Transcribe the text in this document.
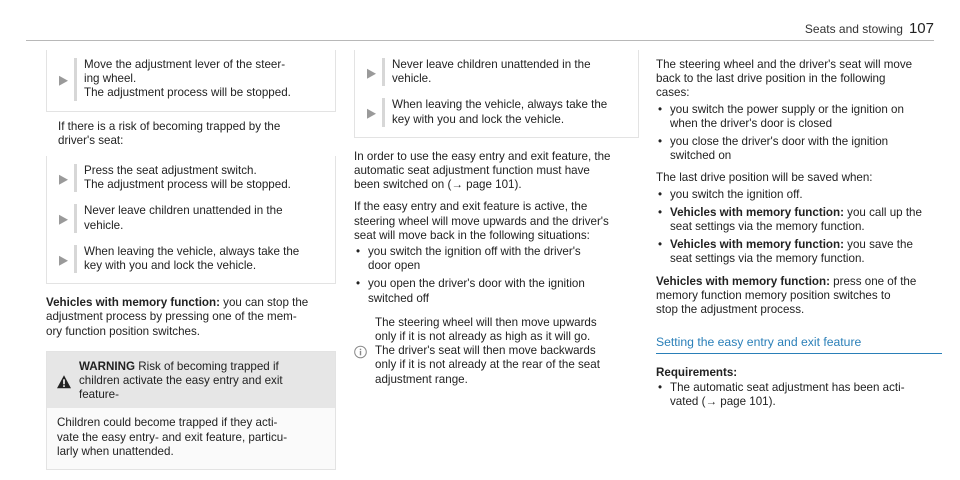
Seats and stowing 107

Move the adjustment lever of the steer-

ing wheel.

The adjustment process will be stopped.

If there is a risk of becoming trapped by the

driver's seat:

Press the seat adjustment switch.

The adjustment process will be stopped.

Never leave children unattended in the

vehicle.

When leaving the vehicle, always take the

key with you and lock the vehicle.

Vehicles with memory function: you can stop the

adjustment process by pressing one of the mem-

ory function position switches.

WARNING Risk of becoming trapped if

children activate the easy entry and exit

feature-

Children could become trapped if they acti-

vate the easy entry- and exit feature, particu-

larly when unattended.

Never leave children unattended in the

vehicle.

When leaving the vehicle, always take the

key with you and lock the vehicle.

In order to use the easy entry and exit feature, the

automatic seat adjustment function must have

been switched on (→ page 101).

If the easy entry and exit feature is active, the

steering wheel will move upwards and the driver's

seat will move back in the following situations:

• you switch the ignition off with the driver's

door open

• you open the driver's door with the ignition

switched off

The steering wheel will then move upwards

only if it is not already as high as it will go.

The driver's seat will then move backwards

only if it is not already at the rear of the seat

adjustment range.

The steering wheel and the driver's seat will move

back to the last drive position in the following

cases:

• you switch the power supply or the ignition on

when the driver's door is closed

• you close the driver's door with the ignition

switched on

The last drive position will be saved when:

• you switch the ignition off.

• Vehicles with memory function: you call up the

seat settings via the memory function.

• Vehicles with memory function: you save the

seat settings via the memory function.

Vehicles with memory function: press one of the

memory function memory position switches to

stop the adjustment process.

Setting the easy entry and exit feature

Requirements:

• The automatic seat adjustment has been acti-

vated (→ page 101).
